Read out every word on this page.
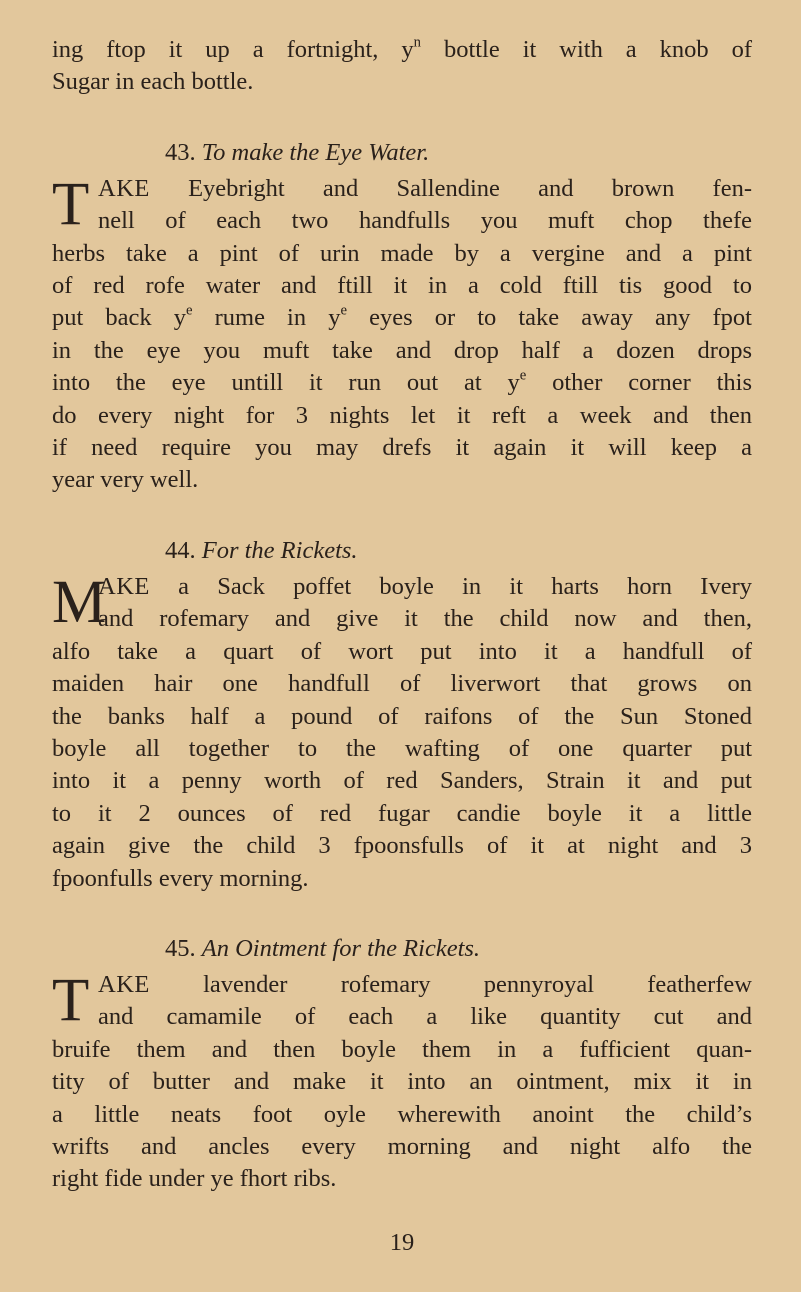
ing ftop it up a fortnight, $y^n$ bottle it with a knob of
Sugar in each bottle.
43. To make the Eye Water.
T AKE Eyebright and Sallendine and brown fen-
nell of each two handfulls you muft chop thefe
herbs take a pint of urin made by a vergine and a pint
of red rofe water and ftill it in a cold ftill tis good to
put back $y^e$ rume in $y^e$ eyes or to take away any fpot
in the eye you muft take and drop half a dozen drops
into the eye untill it run out at $y^e$ other corner this
do every night for 3 nights let it reft a week and then
if need require you may drefs it again it will keep a
year very well.
44. For the Rickets.
M
AKE a Sack poffet boyle in it harts horn Ivery
and rofemary and give it the child now and then,
alfo take a quart of wort put into it a handfull of
maiden hair one handfull of liverwort that grows on
the banks half a pound of raifons of the Sun Stoned
boyle all together to the wafting of one quarter put
into it a penny worth of red Sanders, Strain it and put
to it 2 ounces of red fugar candie boyle it a little
again give the child 3 fpoonsfulls of it at night and 3
fpoonfulls every morning.
45. An Ointment for the Rickets.
T AKE lavender rofemary pennyroyal featherfew
and camamile of each a like quantity cut and
bruife them and then boyle them in a fufficient quan-
tity of butter and make it into an ointment, mix it in
a little neats foot oyle wherewith anoint the child’s
wrifts and ancles every morning and night alfo the
right fide under ye fhort ribs.
19
